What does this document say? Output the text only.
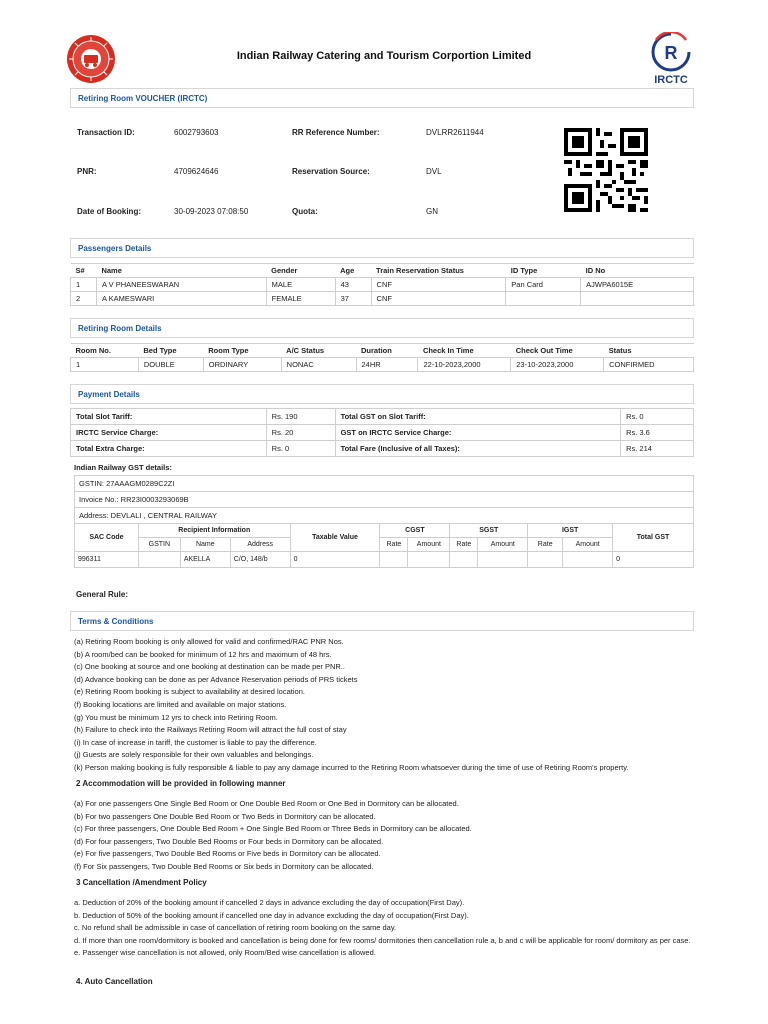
Indian Railway Catering and Tourism Corportion Limited	R
IRCTC
Retiring Room VOUCHER (IRCTC)
Transaction ID:	6002793603	RR Reference Number:	DVLRR2611944
PNR:	4709624646	Reservation Source:	DVL
Date of Booking:	30-09-2023 07:08:50	Quota:	GN
Passengers Details
S#	Name	Gender	Age	Train Reservation Status	ID Type	ID No
1	A V PHANEESWARAN	MALE	43	CNF	Pan Card	AJWPA6015E
2	A KAMESWARI	FEMALE	37	CNF		
Retiring Room Details
Room No.	Bed Type	Room Type	A/C Status	Duration	Check In Time	Check Out Time	Status
1	DOUBLE	ORDINARY	NONAC	24HR	22-10-2023,2000	23-10-2023,2000	CONFIRMED
Payment Details
Total Slot Tariff:	Rs. 190	Total GST on Slot Tariff:	Rs. 0
IRCTC Service Charge:	Rs. 20	GST on IRCTC Service Charge:	Rs. 3.6
Total Extra Charge:	Rs. 0	Total Fare (Inclusive of all Taxes):	Rs. 214
Indian Railway GST details:
GSTIN: 27AAAGM0289C2ZI
Invoice No.: RR23I0003293069B
Address: DEVLALI , CENTRAL RAILWAY
SAC Code	Recipient Information			Taxable Value	CGST		SGST		IGST		Total GST
	GSTIN	Name	Address		Rate	Amount	Rate	Amount	Rate	Amount	
996311		AKELLA	C/O, 148/b	0							0
General Rule:
Terms & Conditions
(a) Retiring Room booking is only allowed for valid and confirmed/RAC PNR Nos.
(b) A room/bed can be booked for minimum of 12 hrs and maximum of 48 hrs.
(c) One booking at source and one booking at destination can be made per PNR..
(d) Advance booking can be done as per Advance Reservation periods of PRS tickets
(e) Retiring Room booking is subject to availability at desired location.
(f) Booking locations are limited and available on major stations.
(g) You must be minimum 12 yrs to check into Retiring Room.
(h) Failure to check into the Railways Retiring Room will attract the full cost of stay
(i) In case of increase in tariff, the customer is liable to pay the difference.
(j) Guests are solely responsible for their own valuables and belongings.
(k) Person making booking is fully responsible & liable to pay any damage incurred to the Retiring Room whatsoever during the time of use of Retiring Room's property.
2 Accommodation will be provided in following manner
(a) For one passengers One Single Bed Room or One Double Bed Room or One Bed in Dormitory can be allocated.
(b) For two passengers One Double Bed Room or Two Beds in Dormitory can be allocated.
(c) For three passengers, One Double Bed Room + One Single Bed Room or Three Beds in Dormitory can be allocated.
(d) For four passengers, Two Double Bed Rooms or Four beds in Dormitory can be allocated.
(e) For five passengers, Two Double Bed Rooms or Five beds in Dormitory can be allocated.
(f) For Six passengers, Two Double Bed Rooms or Six beds in Dormitory can be allocated.
3 Cancellation /Amendment Policy
a. Deduction of 20% of the booking amount if cancelled 2 days in advance excluding the day of occupation(First Day).
b. Deduction of 50% of the booking amount if cancelled one day in advance excluding the day of occupation(First Day).
c. No refund shall be admissible in case of cancellation of retiring room booking on the same day.
d. If more than one room/dormitory is booked and cancellation is being done for few rooms/ dormitories then cancellation rule a, b and c will be applicable for room/ dormitory as per case.
e. Passenger wise cancellation is not allowed, only Room/Bed wise cancellation is allowed.
4. Auto Cancellation
